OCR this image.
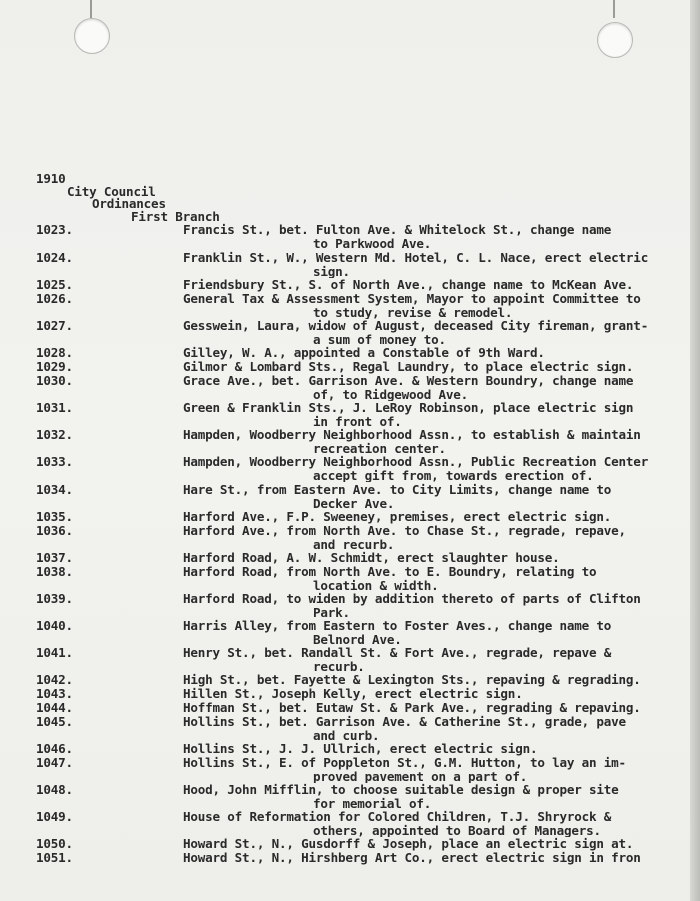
1910

City Council

Ordinances

First Branch

1023.	Francis St., bet. Fulton Ave. & Whitelock St., change name
to Parkwood Ave.
1024.	Franklin St., W., Western Md. Hotel, C. L. Nace, erect electric
sign.
1025.	Friendsbury St., S. of North Ave., change name to McKean Ave.
1026.	General Tax & Assessment System, Mayor to appoint Committee to
to study, revise & remodel.
1027.	Gesswein, Laura, widow of August, deceased City fireman, grant-
a sum of money to.
1028.	Gilley, W. A., appointed a Constable of 9th Ward.
1029.	Gilmor & Lombard Sts., Regal Laundry, to place electric sign.
1030.	Grace Ave., bet. Garrison Ave. & Western Boundry, change name
of, to Ridgewood Ave.
1031.	Green & Franklin Sts., J. LeRoy Robinson, place electric sign
in front of.
1032.	Hampden, Woodberry Neighborhood Assn., to establish & maintain
recreation center.
1033.	Hampden, Woodberry Neighborhood Assn., Public Recreation Center
accept gift from, towards erection of.
1034.	Hare St., from Eastern Ave. to City Limits, change name to
Decker Ave.
1035.	Harford Ave., F.P. Sweeney, premises, erect electric sign.
1036.	Harford Ave., from North Ave. to Chase St., regrade, repave,
and recurb.
1037.	Harford Road, A. W. Schmidt, erect slaughter house.
1038.	Harford Road, from North Ave. to E. Boundry, relating to
location & width.
1039.	Harford Road, to widen by addition thereto of parts of Clifton
Park.
1040.	Harris Alley, from Eastern to Foster Aves., change name to
Belnord Ave.
1041.	Henry St., bet. Randall St. & Fort Ave., regrade, repave &
recurb.
1042.	High St., bet. Fayette & Lexington Sts., repaving & regrading.
1043.	Hillen St., Joseph Kelly, erect electric sign.
1044.	Hoffman St., bet. Eutaw St. & Park Ave., regrading & repaving.
1045.	Hollins St., bet. Garrison Ave. & Catherine St., grade, pave
and curb.
1046.	Hollins St., J. J. Ullrich, erect electric sign.
1047.	Hollins St., E. of Poppleton St., G.M. Hutton, to lay an im-
proved pavement on a part of.
1048.	Hood, John Mifflin, to choose suitable design & proper site
for memorial of.
1049.	House of Reformation for Colored Children, T.J. Shryrock &
others, appointed to Board of Managers.
1050.	Howard St., N., Gusdorff & Joseph, place an electric sign at.
1051.	Howard St., N., Hirshberg Art Co., erect electric sign in fron
